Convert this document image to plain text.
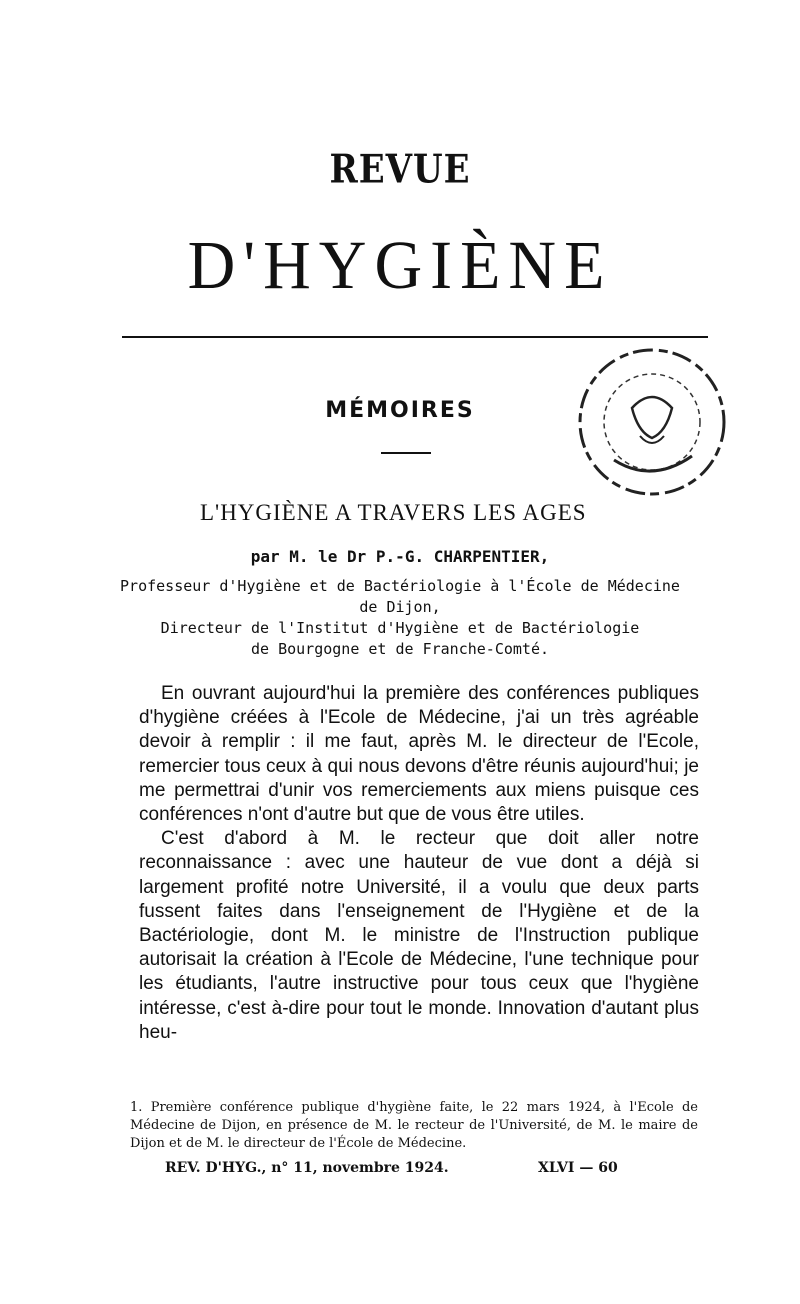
REVUE
D'HYGIÈNE
MÉMOIRES
L'HYGIÈNE A TRAVERS LES AGES
par M. le Dr P.-G. CHARPENTIER,
Professeur d'Hygiène et de Bactériologie à l'École de Médecine
de Dijon,
Directeur de l'Institut d'Hygiène et de Bactériologie
de Bourgogne et de Franche-Comté.

En ouvrant aujourd'hui la première des conférences publiques d'hygiène créées à l'Ecole de Médecine, j'ai un très agréable devoir à remplir : il me faut, après M. le directeur de l'Ecole, remercier tous ceux à qui nous devons d'être réunis aujourd'hui; je me permettrai d'unir vos remerciements aux miens puisque ces conférences n'ont d'autre but que de vous être utiles.

C'est d'abord à M. le recteur que doit aller notre reconnaissance : avec une hauteur de vue dont a déjà si largement profité notre Université, il a voulu que deux parts fussent faites dans l'enseignement de l'Hygiène et de la Bactériologie, dont M. le ministre de l'Instruction publique autorisait la création à l'Ecole de Médecine, l'une technique pour les étudiants, l'autre instructive pour tous ceux que l'hygiène intéresse, c'est à-dire pour tout le monde. Innovation d'autant plus heu-

1. Première conférence publique d'hygiène faite, le 22 mars 1924, à l'Ecole de Médecine de Dijon, en présence de M. le recteur de l'Université, de M. le maire de Dijon et de M. le directeur de l'École de Médecine.
REV. D'HYG., n° 11, novembre 1924.	XLVI — 60
